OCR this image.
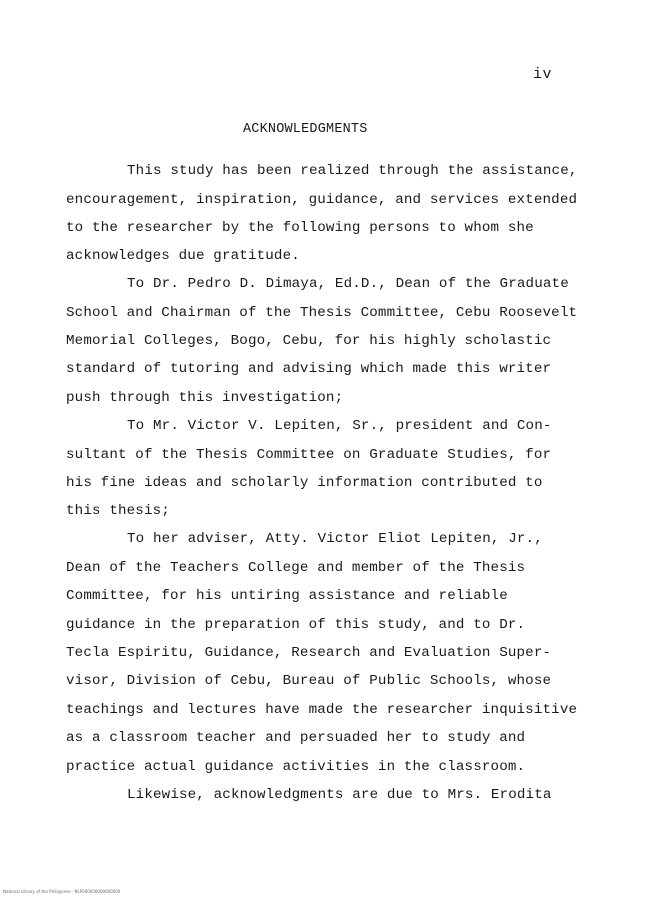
iv
ACKNOWLEDGMENTS
This study has been realized through the assistance,
encouragement, inspiration, guidance, and services extended
to the researcher by the following persons to whom she
acknowledges due gratitude.
To Dr. Pedro D. Dimaya, Ed.D., Dean of the Graduate
School and Chairman of the Thesis Committee, Cebu Roosevelt
Memorial Colleges, Bogo, Cebu, for his highly scholastic
standard of tutoring and advising which made this writer
push through this investigation;
To Mr. Victor V. Lepiten, Sr., president and Con-
sultant of the Thesis Committee on Graduate Studies, for
his fine ideas and scholarly information contributed to
this thesis;
To her adviser, Atty. Victor Eliot Lepiten, Jr.,
Dean of the Teachers College and member of the Thesis
Committee, for his untiring assistance and reliable
guidance in the preparation of this study, and to Dr.
Tecla Espiritu, Guidance, Research and Evaluation Super-
visor, Division of Cebu, Bureau of Public Schools, whose
teachings and lectures have made the researcher inquisitive
as a classroom teacher and persuaded her to study and
practice actual guidance activities in the classroom.
Likewise, acknowledgments are due to Mrs. Erodita
National Library of the Philippines · NLP000000000000000
